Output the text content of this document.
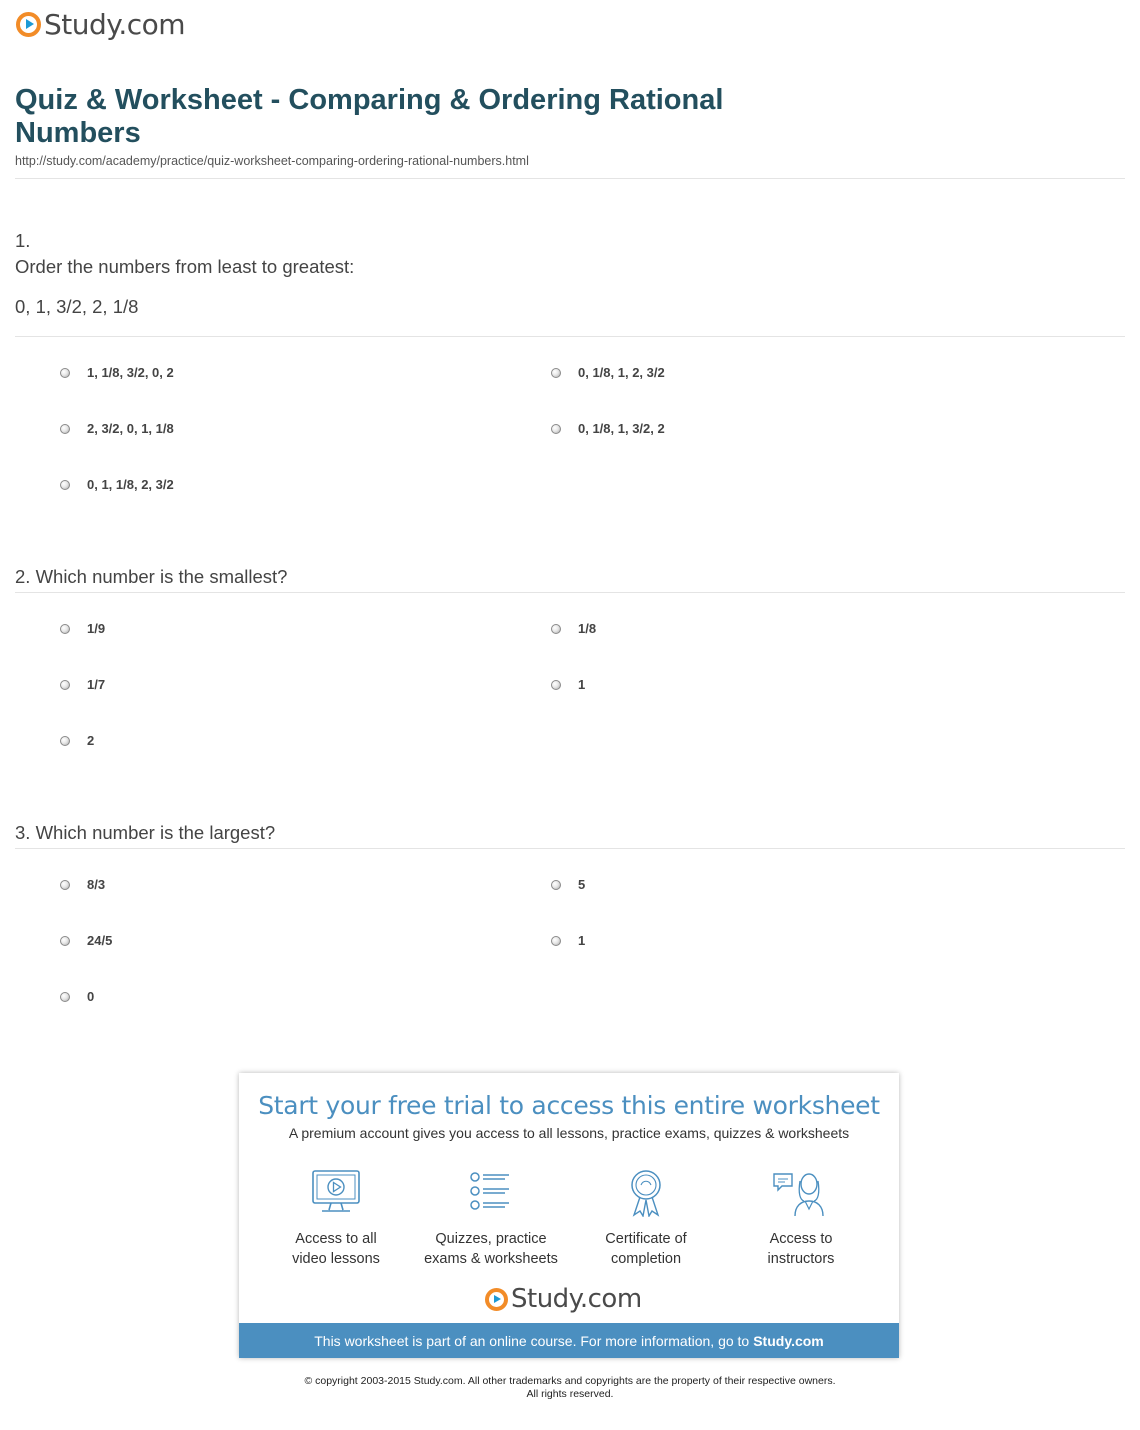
Study.com
Quiz & Worksheet - Comparing & Ordering Rational Numbers
http://study.com/academy/practice/quiz-worksheet-comparing-ordering-rational-numbers.html
1.
Order the numbers from least to greatest:
0, 1, 3/2, 2, 1/8
1, 1/8, 3/2, 0, 2	0, 1/8, 1, 2, 3/2
2, 3/2, 0, 1, 1/8	0, 1/8, 1, 3/2, 2
0, 1, 1/8, 2, 3/2
2. Which number is the smallest?
1/9	1/8
1/7	1
2
3. Which number is the largest?
8/3	5
24/5	1
0
Start your free trial to access this entire worksheet
A premium account gives you access to all lessons, practice exams, quizzes & worksheets
Access to all
video lessons
Quizzes, practice
exams & worksheets
Certificate of
completion
Access to
instructors
Study.com
This worksheet is part of an online course. For more information, go to Study.com
© copyright 2003-2015 Study.com. All other trademarks and copyrights are the property of their respective owners.
All rights reserved.
